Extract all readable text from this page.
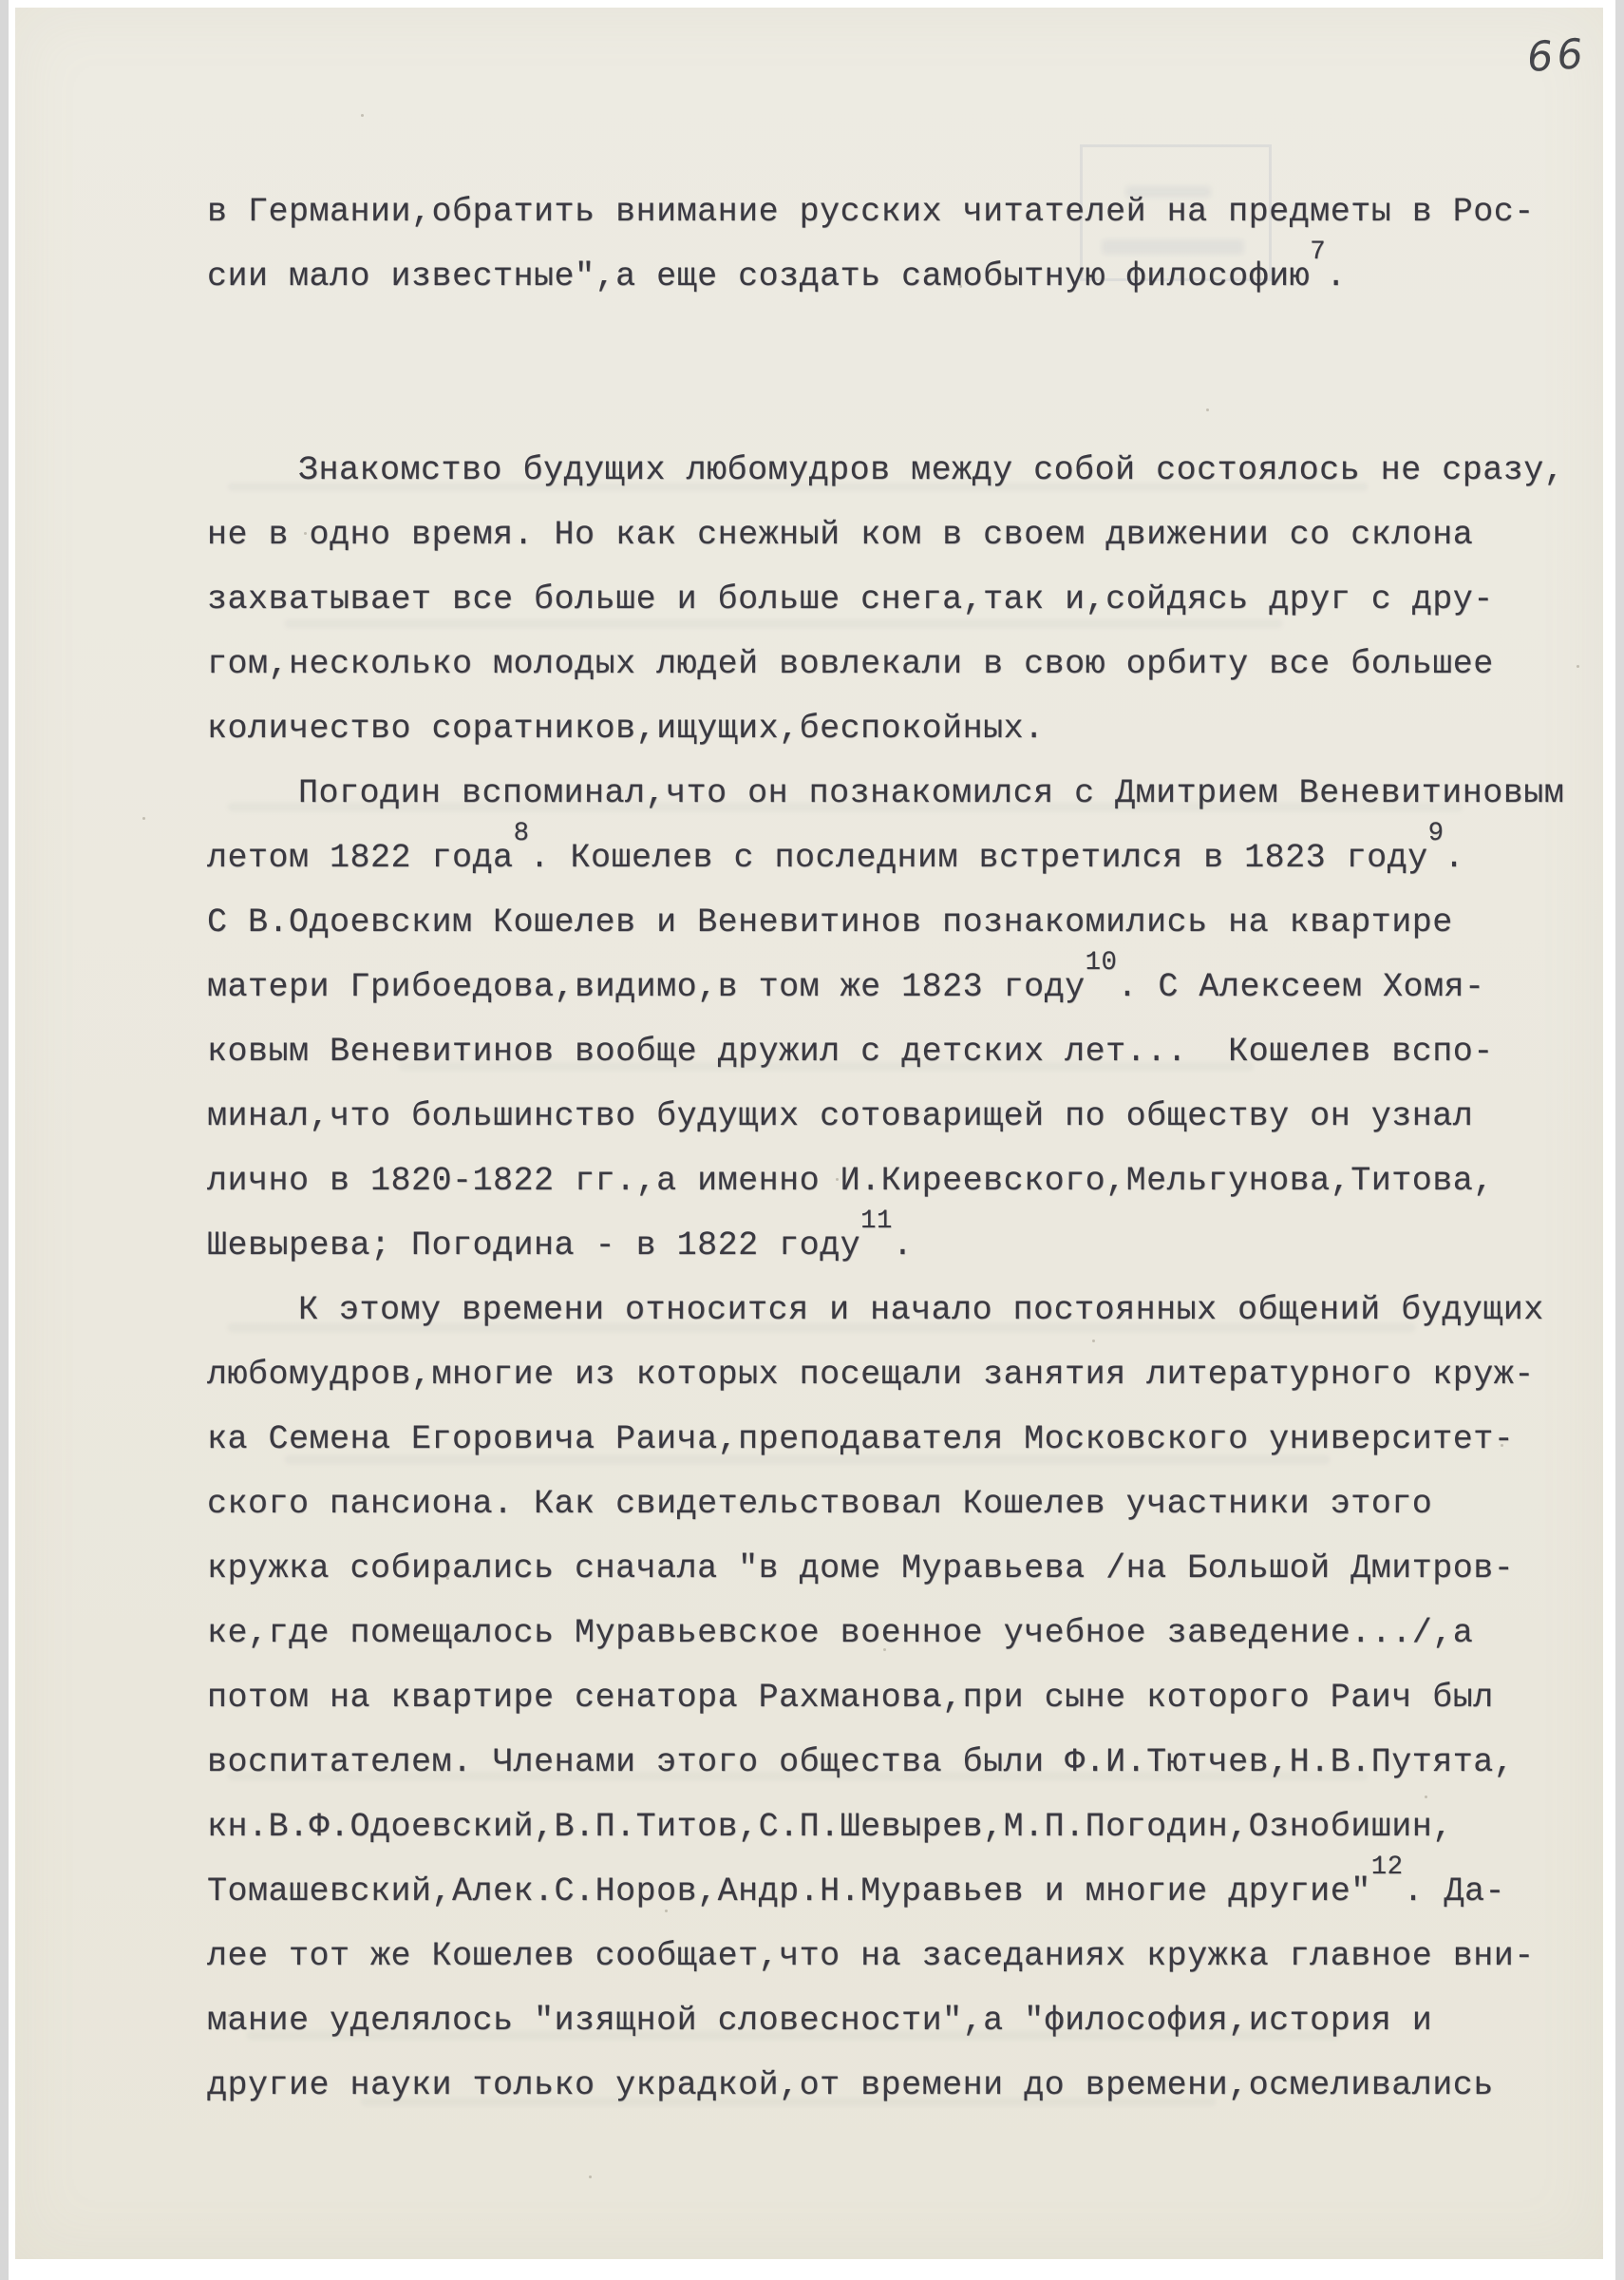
66
в Германии,обратить внимание русских читателей на предметы в Рос-
сии мало известные",а еще создать самобытную философию$^7$.
Знакомство будущих любомудров между собой состоялось не сразу,
не в одно время. Но как снежный ком в своем движении со склона
захватывает все больше и больше снега,так и,сойдясь друг с дру-
гом,несколько молодых людей вовлекали в свою орбиту все большее
количество соратников,ищущих,беспокойных.
Погодин вспоминал,что он познакомился с Дмитрием Веневитиновым
летом 1822 года$^8$. Кошелев с последним встретился в 1823 году$^9$.
С В.Одоевским Кошелев и Веневитинов познакомились на квартире
матери Грибоедова,видимо,в том же 1823 году$^{10}$. С Алексеем Хомя-
ковым Веневитинов вообще дружил с детских лет...  Кошелев вспо-
минал,что большинство будущих сотоварищей по обществу он узнал
лично в 1820-1822 гг.,а именно И.Киреевского,Мельгунова,Титова,
Шевырева; Погодина - в 1822 году$^{11}$.
К этому времени относится и начало постоянных общений будущих
любомудров,многие из которых посещали занятия литературного круж-
ка Семена Егоровича Раича,преподавателя Московского университет-
ского пансиона. Как свидетельствовал Кошелев участники этого
кружка собирались сначала "в доме Муравьева /на Большой Дмитров-
ке,где помещалось Муравьевское военное учебное заведение.../,а
потом на квартире сенатора Рахманова,при сыне которого Раич был
воспитателем. Членами этого общества были Ф.И.Тютчев,Н.В.Путята,
кн.В.Ф.Одоевский,В.П.Титов,С.П.Шевырев,М.П.Погодин,Ознобишин,
Томашевский,Алек.С.Норов,Андр.Н.Муравьев и многие другие"$^{12}$. Да-
лее тот же Кошелев сообщает,что на заседаниях кружка главное вни-
мание уделялось "изящной словесности",а "философия,история и
другие науки только украдкой,от времени до времени,осмеливались
